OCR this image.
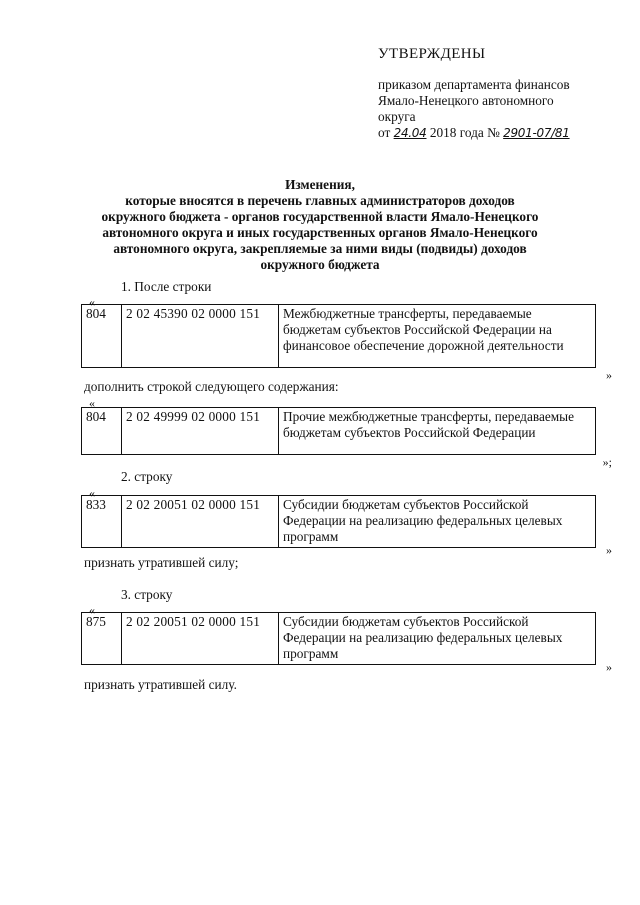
УТВЕРЖДЕНЫ
приказом департамента финансов
Ямало-Ненецкого автономного
округа
от 24.04 2018 года № 2901-07/81
Изменения,
которые вносятся в перечень главных администраторов доходов
окружного бюджета - органов государственной власти Ямало-Ненецкого
автономного округа и иных государственных органов Ямало-Ненецкого
автономного округа, закрепляемые за ними виды (подвиды) доходов
окружного бюджета
1. После строки
«
804	2 02 45390 02 0000 151	Межбюджетные трансферты, передаваемые бюджетам субъектов Российской Федерации на финансовое обеспечение дорожной деятельности
»
дополнить строкой следующего содержания:
«
804	2 02 49999 02 0000 151	Прочие межбюджетные трансферты, передаваемые бюджетам субъектов Российской Федерации
»;
2. строку
«
833	2 02 20051 02 0000 151	Субсидии бюджетам субъектов Российской Федерации на реализацию федеральных целевых программ
»
признать утратившей силу;
3. строку
«
875	2 02 20051 02 0000 151	Субсидии бюджетам субъектов Российской Федерации на реализацию федеральных целевых программ
»
признать утратившей силу.
